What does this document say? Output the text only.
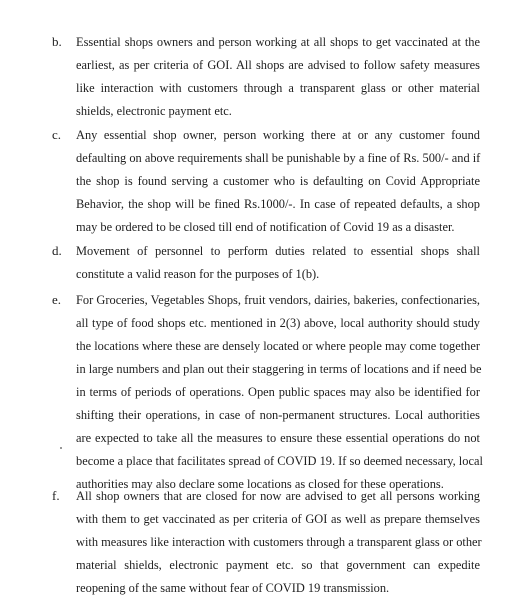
b. Essential shops owners and person working at all shops to get vaccinated at the
earliest, as per criteria of GOI. All shops are advised to follow safety measures
like interaction with customers through a transparent glass or other material
shields, electronic payment etc.
c. Any essential shop owner, person working there at or any customer found
defaulting on above requirements shall be punishable by a fine of Rs. 500/- and if
the shop is found serving a customer who is defaulting on Covid Appropriate
Behavior, the shop will be fined Rs.1000/-. In case of repeated defaults, a shop
may be ordered to be closed till end of notification of Covid 19 as a disaster.
d. Movement of personnel to perform duties related to essential shops shall
constitute a valid reason for the purposes of 1(b).
e. For Groceries, Vegetables Shops, fruit vendors, dairies, bakeries, confectionaries,
all type of food shops etc. mentioned in 2(3) above, local authority should study
the locations where these are densely located or where people may come together
in large numbers and plan out their staggering in terms of locations and if need be
in terms of periods of operations. Open public spaces may also be identified for
shifting their operations, in case of non-permanent structures. Local authorities
are expected to take all the measures to ensure these essential operations do not
become a place that facilitates spread of COVID 19. If so deemed necessary, local
authorities may also declare some locations as closed for these operations.
f. All shop owners that are closed for now are advised to get all persons working
with them to get vaccinated as per criteria of GOI as well as prepare themselves
with measures like interaction with customers through a transparent glass or other
material shields, electronic payment etc. so that government can expedite
reopening of the same without fear of COVID 19 transmission.
